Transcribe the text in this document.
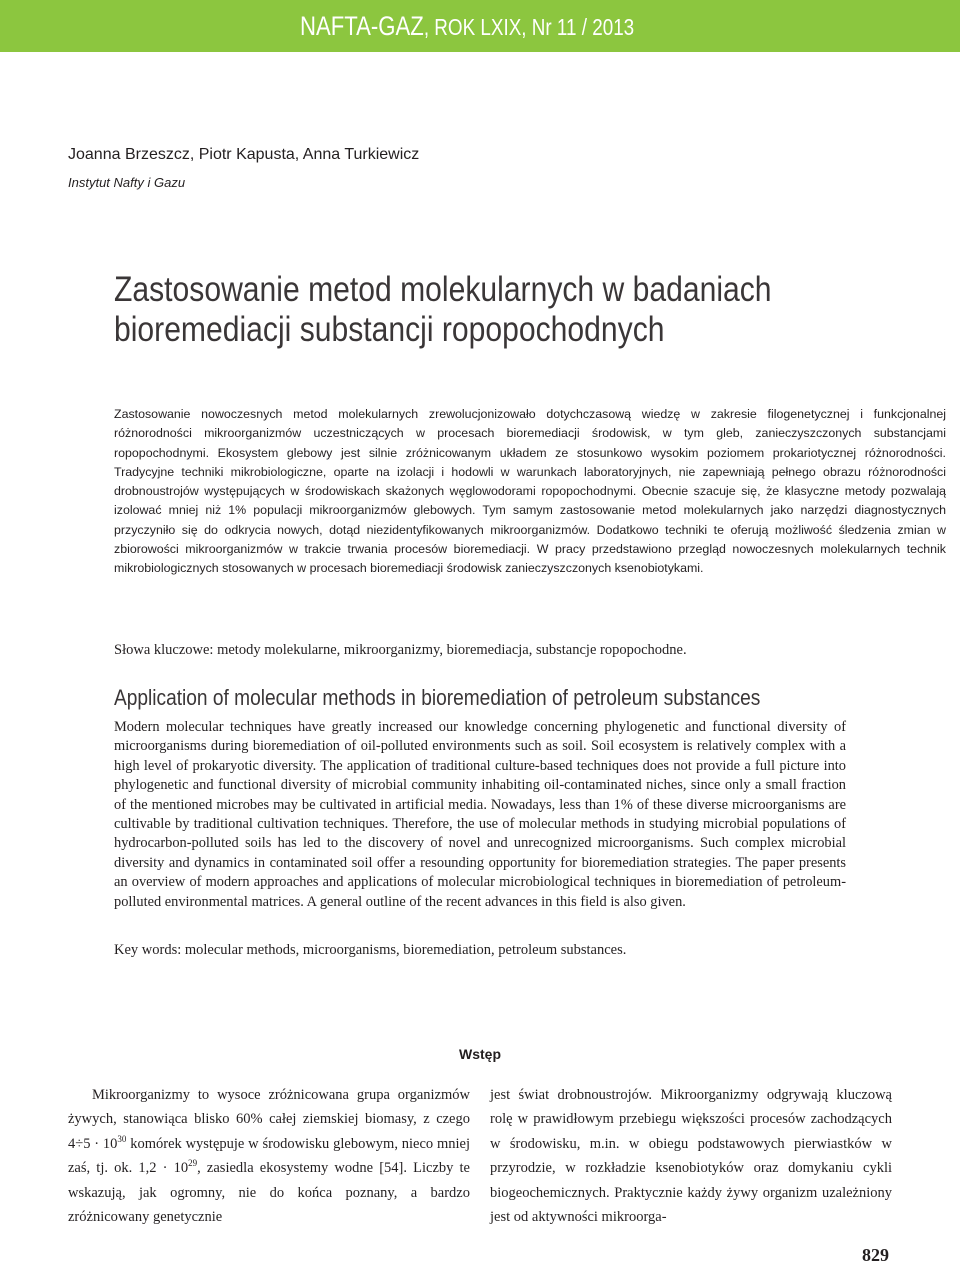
NAFTA-GAZ, ROK LXIX, Nr 11 / 2013
Joanna Brzeszcz, Piotr Kapusta, Anna Turkiewicz
Instytut Nafty i Gazu
Zastosowanie metod molekularnych w badaniach
bioremediacji substancji ropopochodnych

Zastosowanie nowoczesnych metod molekularnych zrewolucjonizowało dotychczasową wiedzę w zakresie filogenetycznej i funkcjonalnej różnorodności mikroorganizmów uczestniczących w procesach bioremediacji środowisk, w tym gleb, zanieczyszczonych substancjami ropopochodnymi. Ekosystem glebowy jest silnie zróżnicowanym układem ze stosunkowo wysokim poziomem prokariotycznej różnorodności. Tradycyjne techniki mikrobiologiczne, oparte na izolacji i hodowli w warunkach laboratoryjnych, nie zapewniają pełnego obrazu różnorodności drobnoustrojów występujących w środowiskach skażonych węglowodorami ropopochodnymi. Obecnie szacuje się, że klasyczne metody pozwalają izolować mniej niż 1% populacji mikroorganizmów glebowych. Tym samym zastosowanie metod molekularnych jako narzędzi diagnostycznych przyczyniło się do odkrycia nowych, dotąd niezidentyfikowanych mikroorganizmów. Dodatkowo techniki te oferują możliwość śledzenia zmian w zbiorowości mikroorganizmów w trakcie trwania procesów bioremediacji. W pracy przedstawiono przegląd nowoczesnych molekularnych technik mikrobiologicznych stosowanych w procesach bioremediacji środowisk zanieczyszczonych ksenobiotykami.

Słowa kluczowe: metody molekularne, mikroorganizmy, bioremediacja, substancje ropopochodne.

Application of molecular methods in bioremediation of petroleum substances

Modern molecular techniques have greatly increased our knowledge concerning phylogenetic and functional diversity of microorganisms during bioremediation of oil-polluted environments such as soil. Soil ecosystem is relatively complex with a high level of prokaryotic diversity. The application of traditional culture-based techniques does not provide a full picture into phylogenetic and functional diversity of microbial community inhabiting oil-contaminated niches, since only a small fraction of the mentioned microbes may be cultivated in artificial media. Nowadays, less than 1% of these diverse microorganisms are cultivable by traditional cultivation techniques. Therefore, the use of molecular methods in studying microbial populations of hydrocarbon-polluted soils has led to the discovery of novel and unrecognized microorganisms. Such complex microbial diversity and dynamics in contaminated soil offer a resounding opportunity for bioremediation strategies. The paper presents an overview of modern approaches and applications of molecular microbiological techniques in bioremediation of petroleum-polluted environmental matrices. A general outline of the recent advances in this field is also given.

Key words: molecular methods, microorganisms, bioremediation, petroleum substances.

Wstęp

Mikroorganizmy to wysoce zróżnicowana grupa organizmów żywych, stanowiąca blisko 60% całej ziemskiej biomasy, z czego $4\div 5 \cdot 10^{30}$ komórek występuje w środowisku glebowym, nieco mniej zaś, tj. ok. $1,2 \cdot 10^{29}$, zasiedla ekosystemy wodne [54]. Liczby te wskazują, jak ogromny, nie do końca poznany, a bardzo zróżnicowany genetycznie

jest świat drobnoustrojów. Mikroorganizmy odgrywają kluczową rolę w prawidłowym przebiegu większości procesów zachodzących w środowisku, m.in. w obiegu podstawowych pierwiastków w przyrodzie, w rozkładzie ksenobiotyków oraz domykaniu cykli biogeochemicznych. Praktycznie każdy żywy organizm uzależniony jest od aktywności mikroorga-

829
